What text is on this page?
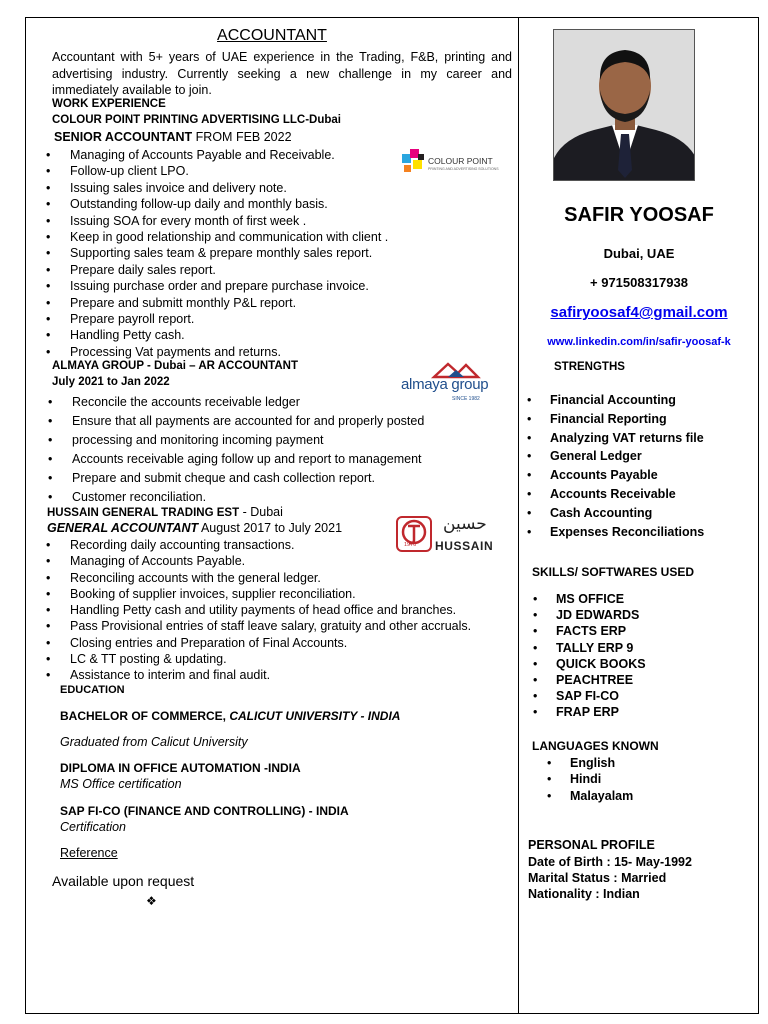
ACCOUNTANT
Accountant with 5+ years of UAE experience in the Trading, F&B, printing and advertising industry. Currently seeking a new challenge in my career and immediately available to join.
WORK EXPERIENCE
COLOUR POINT PRINTING ADVERTISING LLC-Dubai
SENIOR ACCOUNTANT FROM FEB 2022
• Managing of Accounts Payable and Receivable.
• Follow-up client LPO.
• Issuing sales invoice and delivery note.
• Outstanding follow-up daily and monthly basis.
• Issuing SOA for every month of first week .
• Keep in good relationship and communication with client .
• Supporting sales team & prepare monthly sales report.
• Prepare daily sales report.
• Issuing purchase order and prepare purchase invoice.
• Prepare and submitt monthly P&L report.
• Prepare payroll report.
• Handling Petty cash.
• Processing Vat payments and returns.
COLOUR POINT
PRINTING AND ADVERTISING SOLUTIONS
ALMAYA GROUP - Dubai – AR ACCOUNTANT
July 2021 to Jan 2022
• Reconcile the accounts receivable ledger
• Ensure that all payments are accounted for and properly posted
• processing and monitoring incoming payment
• Accounts receivable aging follow up and report to management
• Prepare and submit cheque and cash collection report.
• Customer reconciliation.
almaya group
SINCE 1982
HUSSAIN GENERAL TRADING EST - Dubai
GENERAL ACCOUNTANT August 2017 to July 2021
• Recording daily accounting transactions.
• Managing of Accounts Payable.
• Reconciling accounts with the general ledger.
• Booking of supplier invoices, supplier reconciliation.
• Handling Petty cash and utility payments of head office and branches.
• Pass Provisional entries of staff leave salary, gratuity and other accruals.
• Closing entries and Preparation of Final Accounts.
• LC & TT posting & updating.
• Assistance to interim and final audit.
1976
حسين
HUSSAIN
EDUCATION
BACHELOR OF COMMERCE, CALICUT UNIVERSITY - INDIA
Graduated from Calicut University
DIPLOMA IN OFFICE AUTOMATION -INDIA
MS Office certification
SAP FI-CO (FINANCE AND CONTROLLING) - INDIA
Certification
Reference
Available upon request
❖
SAFIR YOOSAF
Dubai, UAE
+ 971508317938
safiryoosaf4@gmail.com
www.linkedin.com/in/safir-yoosaf-k
STRENGTHS
• Financial Accounting
• Financial Reporting
• Analyzing VAT returns file
• General Ledger
• Accounts Payable
• Accounts Receivable
• Cash Accounting
• Expenses Reconciliations
SKILLS/ SOFTWARES USED
• MS OFFICE
• JD EDWARDS
• FACTS ERP
• TALLY ERP 9
• QUICK BOOKS
• PEACHTREE
• SAP FI-CO
• FRAP ERP
LANGUAGES KNOWN
• English
• Hindi
• Malayalam
PERSONAL PROFILE
Date of Birth : 15- May-1992
Marital Status : Married
Nationality : Indian
